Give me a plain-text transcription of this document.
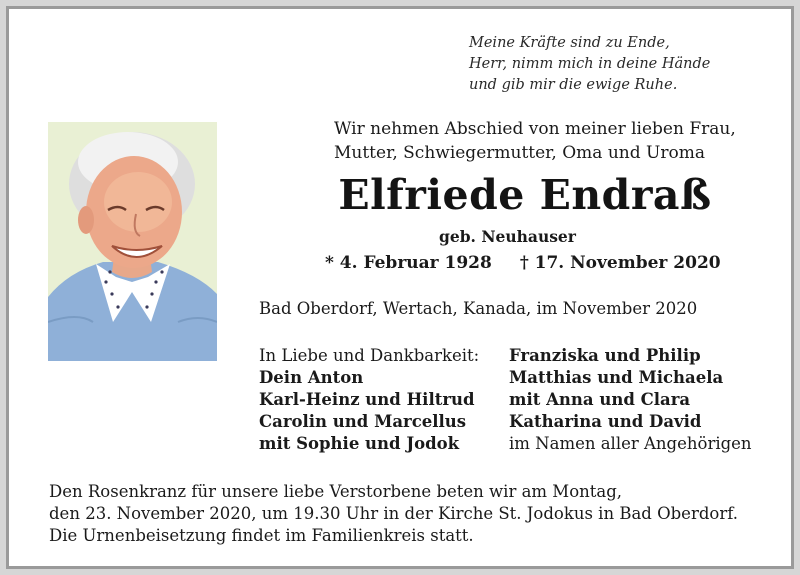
Meine Kräfte sind zu Ende,
Herr, nimm mich in deine Hände
und gib mir die ewige Ruhe.
Wir nehmen Abschied von meiner lieben Frau,
Mutter, Schwiegermutter, Oma und Uroma
Elfriede Endraß
geb. Neuhauser
* 4. Februar 1928 † 17. November 2020
Bad Oberdorf, Wertach, Kanada, im November 2020
In Liebe und Dankbarkeit:
Dein Anton
Karl-Heinz und Hiltrud
Carolin und Marcellus
mit Sophie und Jodok
Franziska und Philip
Matthias und Michaela
mit Anna und Clara
Katharina und David
im Namen aller Angehörigen
Den Rosenkranz für unsere liebe Verstorbene beten wir am Montag,
den 23. November 2020, um 19.30 Uhr in der Kirche St. Jodokus in Bad Oberdorf.
Die Urnenbeisetzung findet im Familienkreis statt.
